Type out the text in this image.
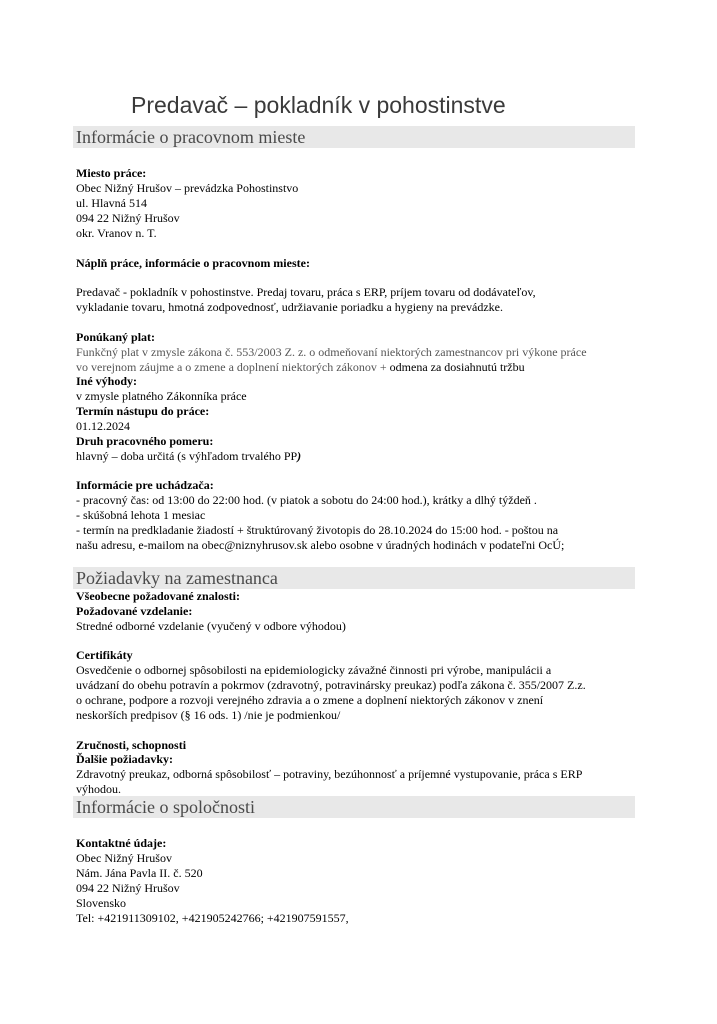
Predavač – pokladník v pohostinstve
Informácie o pracovnom mieste
Miesto práce:
Obec Nižný Hrušov – prevádzka Pohostinstvo
ul. Hlavná 514
094 22 Nižný Hrušov
okr. Vranov n. T.
Náplň práce, informácie o pracovnom mieste:
Predavač - pokladník v pohostinstve. Predaj tovaru, práca s ERP, príjem tovaru od dodávateľov,
vykladanie tovaru, hmotná zodpovednosť, udržiavanie poriadku a hygieny na prevádzke.
Ponúkaný plat:
Funkčný plat v zmysle zákona č. 553/2003 Z. z. o odmeňovaní niektorých zamestnancov pri výkone práce
vo verejnom záujme a o zmene a doplnení niektorých zákonov + odmena za dosiahnutú tržbu
Iné výhody:
v zmysle platného Zákonníka práce
Termín nástupu do práce:
01.12.2024
Druh pracovného pomeru:
hlavný – doba určitá (s výhľadom trvalého PP)
Informácie pre uchádzača:
- pracovný čas: od 13:00 do 22:00 hod. (v piatok a sobotu do 24:00 hod.), krátky a dlhý týždeň .
- skúšobná lehota 1 mesiac
- termín na predkladanie žiadostí + štruktúrovaný životopis do 28.10.2024 do 15:00 hod. - poštou na
našu adresu, e-mailom na obec@niznyhrusov.sk alebo osobne v úradných hodinách v podateľni OcÚ;
Požiadavky na zamestnanca
Všeobecne požadované znalosti:
Požadované vzdelanie:
Stredné odborné vzdelanie (vyučený v odbore výhodou)
Certifikáty
Osvedčenie o odbornej spôsobilosti na epidemiologicky závažné činnosti pri výrobe, manipulácii a
uvádzaní do obehu potravín a pokrmov (zdravotný, potravinársky preukaz) podľa zákona č. 355/2007 Z.z.
o ochrane, podpore a rozvoji verejného zdravia a o zmene a doplnení niektorých zákonov v znení
neskorších predpisov (§ 16 ods. 1) /nie je podmienkou/
Zručnosti, schopnosti
Ďalšie požiadavky:
Zdravotný preukaz, odborná spôsobilosť – potraviny, bezúhonnosť a príjemné vystupovanie, práca s ERP
výhodou.
Informácie o spoločnosti
Kontaktné údaje:
Obec Nižný Hrušov
Nám. Jána Pavla II. č. 520
094 22 Nižný Hrušov
Slovensko
Tel: +421911309102, +421905242766; +421907591557,
